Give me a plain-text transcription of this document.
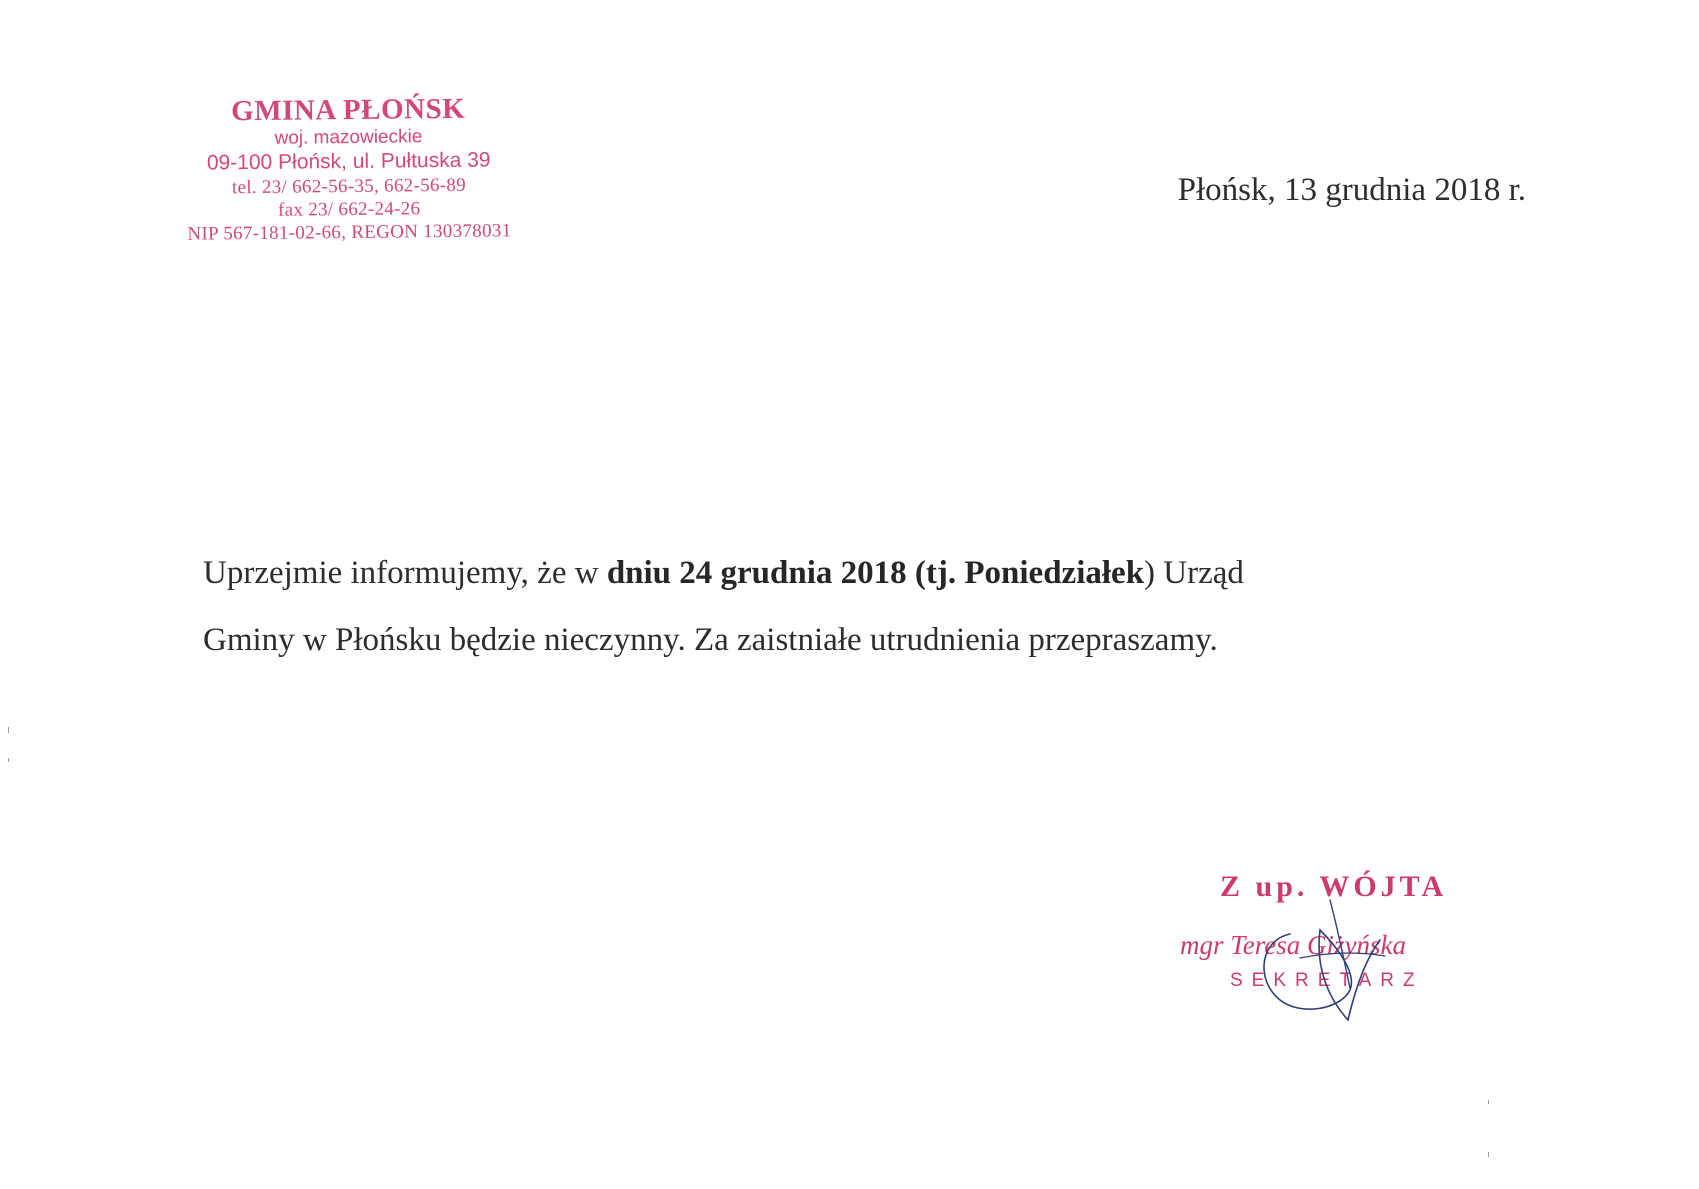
GMINA PŁOŃSK
woj. mazowieckie
09-100 Płońsk, ul. Pułtuska 39
tel. 23/ 662-56-35, 662-56-89
fax 23/ 662-24-26
NIP 567-181-02-66, REGON 130378031
Płońsk, 13 grudnia 2018 r.
Uprzejmie informujemy, że w dniu 24 grudnia 2018 (tj. Poniedziałek) Urząd
Gminy w Płońsku będzie nieczynny. Za zaistniałe utrudnienia przepraszamy.
Z up. WÓJTA
mgr Teresa Giżyńska
SEKRETARZ
